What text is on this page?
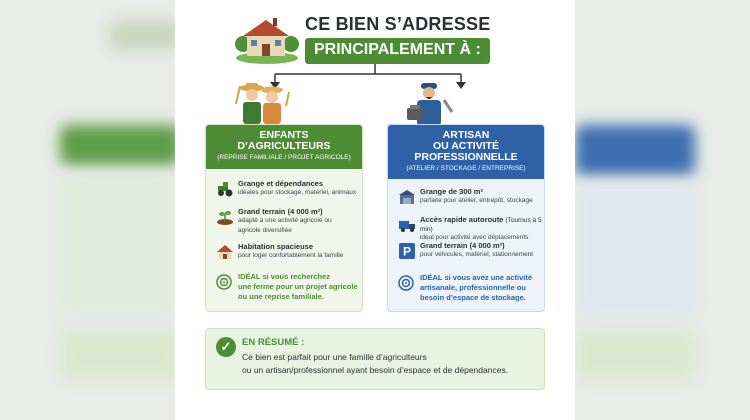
CE BIEN S’ADRESSE
PRINCIPALEMENT À :
ENFANTS
D’AGRICULTEURS
(REPRISE FAMILIALE / PROJET AGRICOLE)
Grange et dépendances
idéales pour stockage, matériel, animaux
Grand terrain (4 000 m²)
adapté à une activité agricole ou
agricole diversifiée
Habitation spacieuse
pour loger confortablement la famille
IDÉAL si vous recherchez
une ferme pour un projet agricole
ou une reprise familiale.
ARTISAN
OU ACTIVITÉ
PROFESSIONNELLE
(ATELIER / STOCKAGE / ENTREPRISE)
Grange de 300 m²
parfaite pour atelier, entrepôt, stockage
Accès rapide autoroute (Tournus à 5 min)
idéal pour activité avec déplacements
P Grand terrain (4 000 m²)
pour véhicules, matériel, stationnement
IDÉAL si vous avez une activité
artisanale, professionnelle ou
besoin d’espace de stockage.
✓	EN RÉSUMÉ :
Ce bien est parfait pour une famille d’agriculteurs
ou un artisan/professionnel ayant besoin d’espace et de dépendances.
